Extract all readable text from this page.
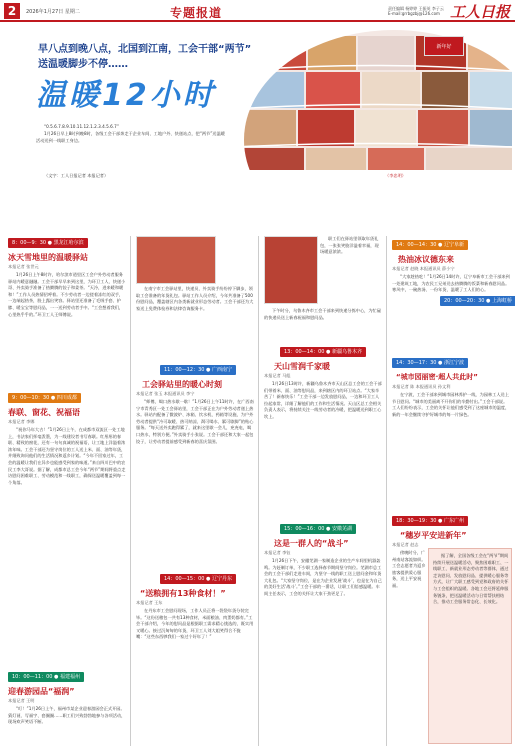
2	2026年1月27日 星期二	专题报道	责任编辑 杨婷婷 王振英 李子云
E-mail:grrbgzbj@126.com 工人日报
早八点到晚八点，北国到江南，工会干部“两节”
送温暖脚步不停……
温暖12小时
新年好
“0.5.6.7.8.9.10.11.12.1.2.3.4.5.6.7”
1月26日早上8时到晚8时，各级工会干部奔走于企业车间、工地户外、快递站点，把“两节”送温暖活动送到一线职工身边。
（文字：工人日报记者 本报记者）	（李忠明）
8：00—9：30 ● 黑龙江哈尔滨
冰天雪地里的温暖驿站
本报记者 张世元
1月26日上午8时许，哈尔滨市道里区工会户外劳动者服务驿站内暖意融融。工会干部早早来到这里，为环卫工人、快递小哥、外卖骑手准备了热腾腾的饺子和姜茶。“天冷，进来暖和暖和！”工作人员热情招呼着。不少劳动者一边搓着冻红的双手，一边端起热茶，脸上露出笑容。驿站里还准备了毛绒手套、护膝、暖宝宝等慰问品，一一送到劳动者手中。“工会想着我们，心里热乎乎的。”环卫工人王师傅说。
9：00—10：30 ● 四川成都
春联、窗花、祝福语
本报记者 李娜
“祝你马年大吉！”1月26日上午，在成都市双流区一处工地上，书法家们挥毫泼墨，为一线建设者书写春联。红彤彤的春联、精致的窗花，还有一句句真诚的祝福语，让工地上洋溢着浓浓年味。工会干部还为坚守岗位的工人送上米、面、油等年货，并细致询问他们的生活情况和返乡计划。“今年不回家过年，工会的温暖让我们在异乡也能感受到家的味道。”来自四川巴中的农民工李大哥说。据了解，成都市总工会今年“两节”期间将重点走访慰问困难职工、劳动模范和一线职工，确保送温暖覆盖到每一个角落。
10：00—11：00 ● 福建福州
迎春游园品“福润”
本报记者 王明
“叮！”1月26日上午，福州市某企业迎春游园会正式开园。猜灯谜、写福字、套圈圈……职工们兴致勃勃地参与各项活动，现场欢声笑语不断。
在南宁市工会驿站里，快递员、外卖骑手纷纷停下脚步，领取工会准备的年货礼包。驿站工作人员介绍，今年共准备了500份慰问品，覆盖辖区内各类新就业形态劳动者。工会干部还为大家送上免费体检券和法律咨询服务卡。
11：00—12：30 ● 广西南宁
工会驿站里的暖心时刻
本报记者 张玉 本报通讯员 李宁
“师傅，喝口热水歇一歇！”1月26日上午11时许，在广西南宁市青秀区一处工会驿站里，工会干部正在为户外劳动者递上热水。驿站内配备了微波炉、冰箱、饮水机、药箱等设施，为户外劳动者提供“冷可取暖、热可纳凉、渴可喝水、累可歇脚”的贴心服务。“每天送外卖跑得累了，就来这里歇一会儿，充充电，喝口热水，特别方便。”外卖骑手小张说。工会干部还和大家一起包饺子，让劳动者提前感受到新春的喜庆氛围。
14：00—15：00 ● 辽宁丹东
“送粮拥有13种食材！”
本报记者 王东
在丹东市工会慰问现场，工作人员正将一袋袋年货分装完毕。“这份送粮包一共有13种食材，米面粮油、肉蛋奶都有。”工会干部介绍，今年的慰问品是根据职工需求精心挑选的，既实用又暖心。接过沉甸甸的年货，环卫工人刘大姐笑得合不拢嘴：“这些东西够我们一家过个好年了！”
职工们在驿站里领取年货礼包，一张张笑脸洋溢着幸福，现场暖意浓浓。
下午时分，乌鲁木齐市工会干部来到快递分拣中心，为忙碌的快递员送上新春祝福和慰问品。
13：00—14：00 ● 新疆乌鲁木齐
天山雪润千家暖
本报记者 马彪
1月26日13时许，新疆乌鲁木齐市天山区总工会的工会干部们带着米、面、油等慰问品，来到辖区内的环卫站点。“大家辛苦了！新春快乐！”工会干部一边发放慰问品，一边和环卫工人拉起家常，详细了解他们的工作和生活情况。天山区总工会相关负责人表示，将持续关注一线劳动者的冷暖，把温暖送到职工心坎上。
15：00—16：00 ● 安徽芜湖
这是一群人的“战斗”
本报记者 李钰
1月26日下午，安徽芜湖一家制造企业的生产车间里机器轰鸣。为赶制订单，不少职工选择春节期间坚守岗位。芜湖市总工会的工会干部们走进车间，为坚守一线的职工送上慰问金和年货大礼包。“大家坚守岗位，是在为企业发展‘战斗’，也是在为自己的美好生活‘战斗’。”工会干部的一番话，让职工们倍感温暖。车间主任表示，工会的关怀让大家干劲更足了。
14：00—14：30 ● 辽宁阜新
热油冰议德东来
本报记者 赵晓 本报通讯员 薛小宁
“大家趁热吃！”1月26日14时许，辽宁阜新市工会干部来到一处建筑工地，为农民工兄弟送去热腾腾的饭菜和新春慰问品。寒风中，一碗热汤、一份年货，温暖了工人们的心。
14：30—17：30 ● 浙江宁波
“城市园丽密·超人共此时”
本报记者 陈 本报通讯员 孙文利
在宁波，工会干部来到城市园林养护一线，为园林工人送上节日慰问。“城市的美丽离不开你们的辛勤付出。”工会干部说。工人们纷纷表示，工会的关怀让他们感受到了这座城市的温度，新的一年会继续守护好城市的每一片绿色。
18：30—19：30 ● 广东广州
“穗岁平安进新年”
本报记者 赵志
傍晚时分，广州南站客流如织。工会志愿者为返乡旅客提供爱心服务，送上平安祝福。
据了解，全国各级工会在“两节”期间持续开展送温暖活动，聚焦困难职工、一线职工、新就业形态劳动者等群体，通过走访慰问、发放慰问品、提供暖心服务等方式，让广大职工感受到党和政府的关怀与工会组织的温暖。各地工会还将延伸服务链条，把送温暖活动与日常帮扶相结合，推动工会服务常态化、长效化。
20：00—20：30 ● 上海虹桥
